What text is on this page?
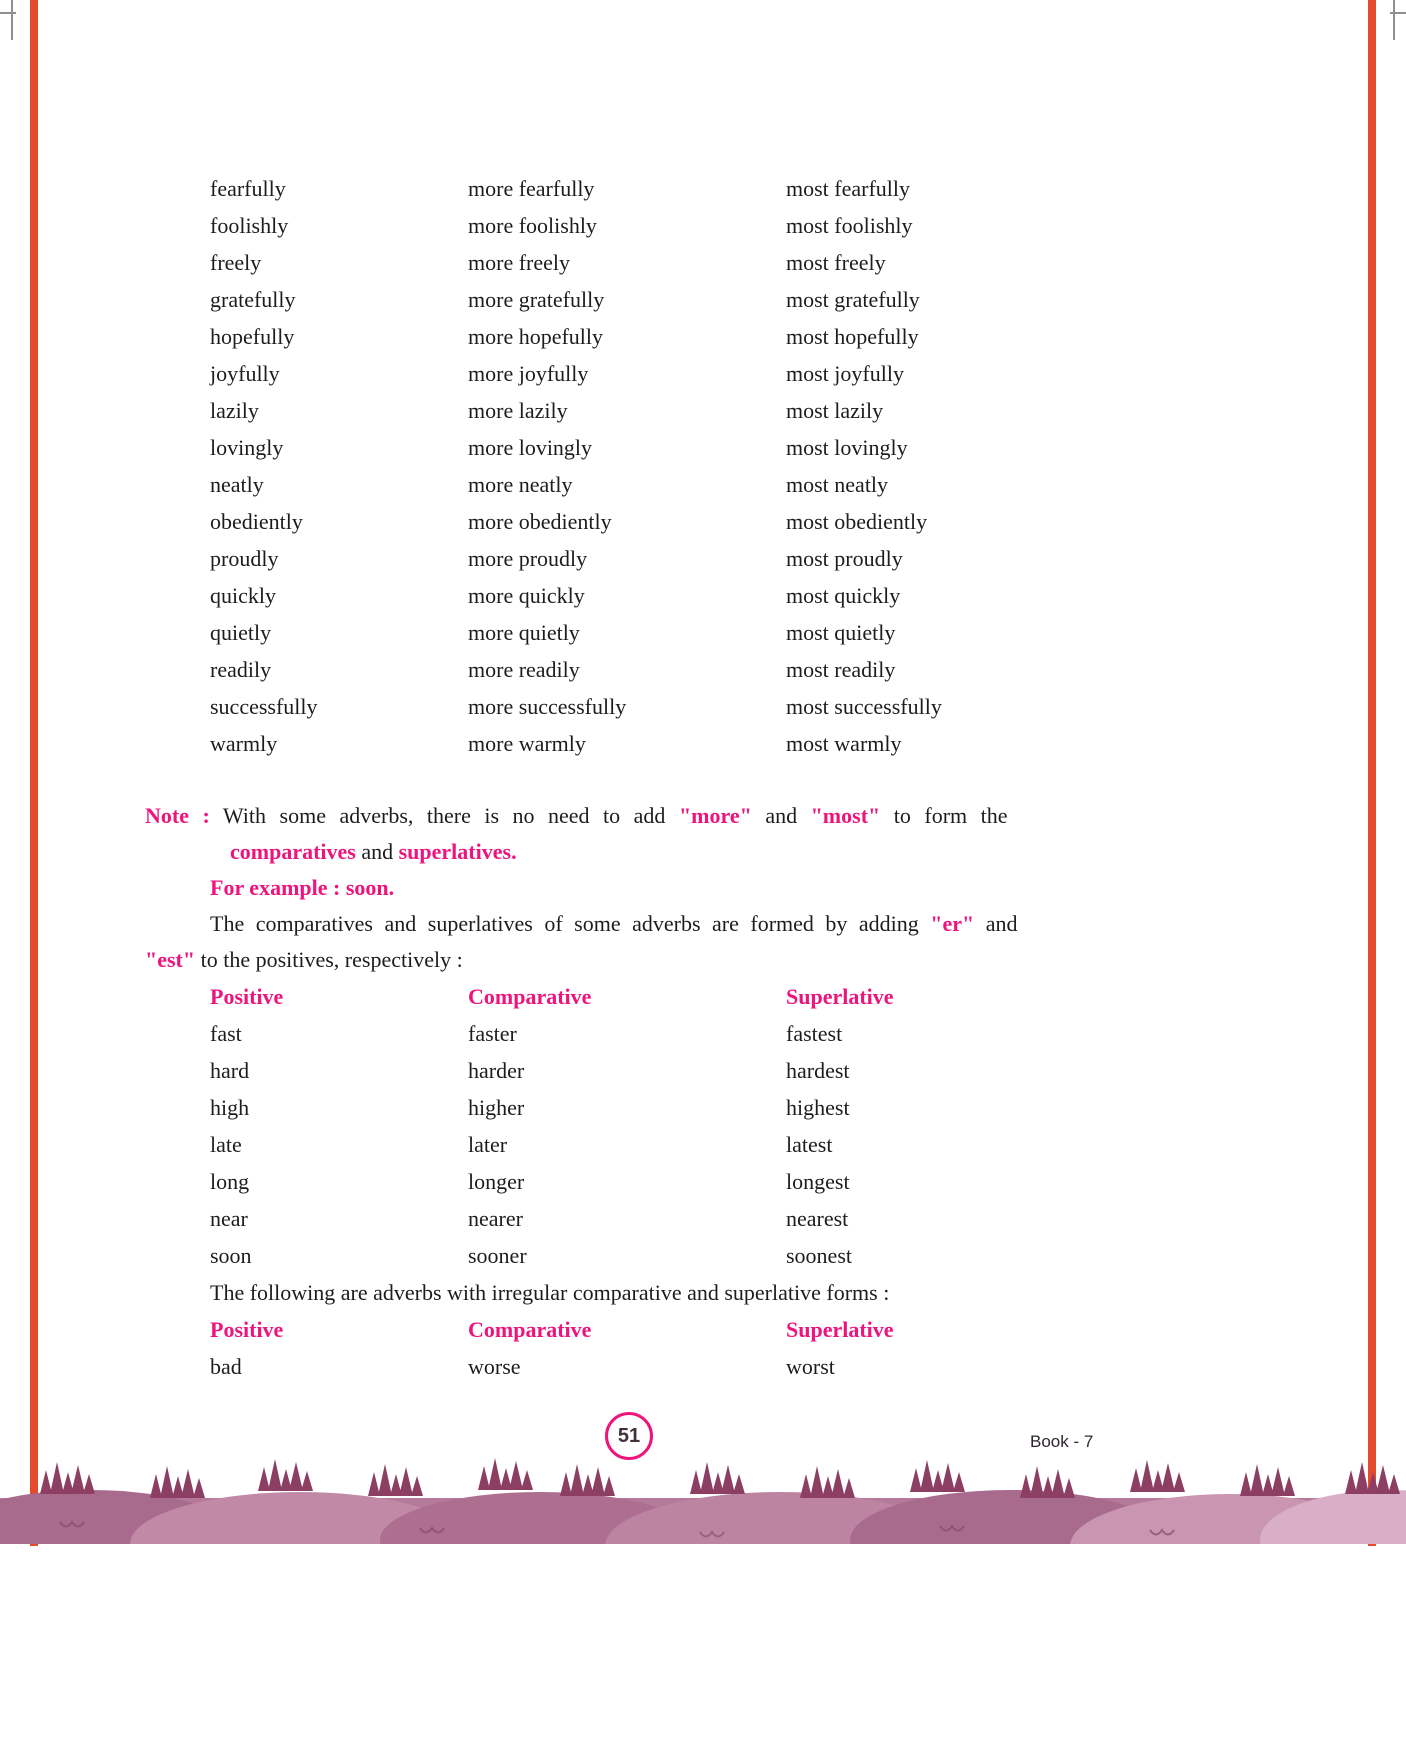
fearfully	more fearfully	most fearfully
foolishly	more foolishly	most foolishly
freely	more freely	most freely
gratefully	more gratefully	most gratefully
hopefully	more hopefully	most hopefully
joyfully	more joyfully	most joyfully
lazily	more lazily	most lazily
lovingly	more lovingly	most lovingly
neatly	more neatly	most neatly
obediently	more obediently	most obediently
proudly	more proudly	most proudly
quickly	more quickly	most quickly
quietly	more quietly	most quietly
readily	more readily	most readily
successfully	more successfully	most successfully
warmly	more warmly	most warmly

Note : With some adverbs, there is no need to add "more" and "most" to form the
comparatives and superlatives.

For example : soon.

The comparatives and superlatives of some adverbs are formed by adding "er" and
"est" to the positives, respectively :

Positive	Comparative	Superlative
fast	faster	fastest
hard	harder	hardest
high	higher	highest
late	later	latest
long	longer	longest
near	nearer	nearest
soon	sooner	soonest

The following are adverbs with irregular comparative and superlative forms :

Positive	Comparative	Superlative
bad	worse	worst
51	Book - 7
